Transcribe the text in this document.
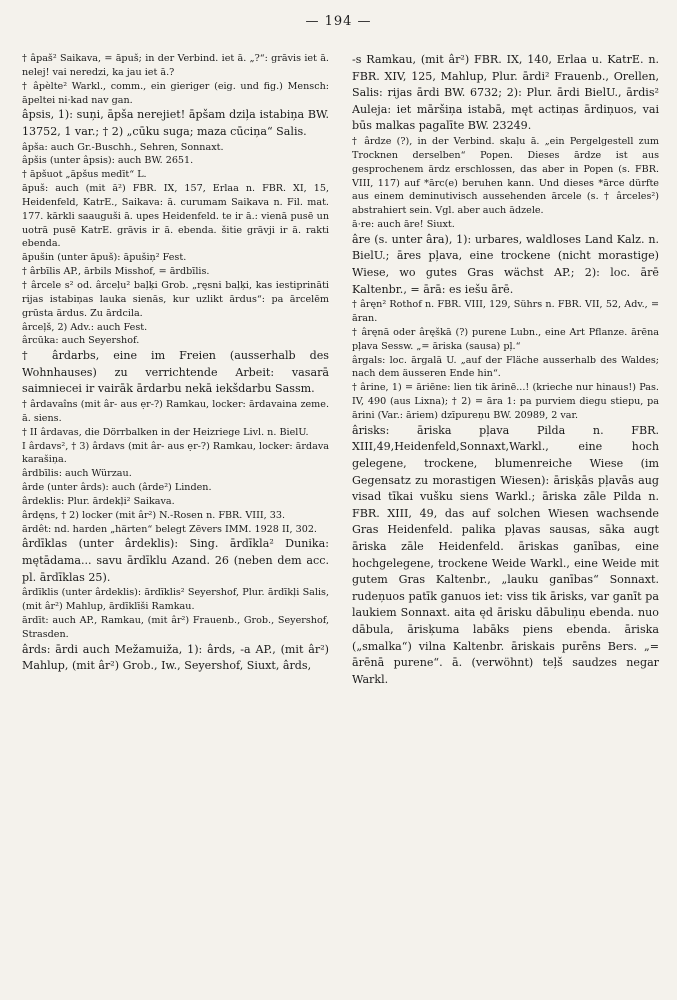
— 194 —

† âpaš² Saikava, = āpuš; in der Verbind. iet ā. „?“: grāvis iet ā. nelej! vai neredzi, ka jau iet ā.?

† âpèlte² Warkl., comm., ein gieriger (eig. und fig.) Mensch: āpeltei ni·kad nav gan.

âpsis, 1): suņi, āpša nerejiet! āpšam dziļa istabiņa BW. 13752, 1 var.; † 2) „cūku suga; maza cūciņa“ Salis.

âpša: auch Gr.-Buschh., Sehren, Sonnaxt.

âpšis (unter âpsis): auch BW. 2651.

† āpšuot „āpšus medīt“ L.

āpuš: auch (mit ā²) FBR. IX, 157, Erlaa n. FBR. XI, 15, Heidenfeld, KatrE., Saikava: ā. curumam Saikava n. Fil. mat. 177. kārkli saauguši ā. upes Heidenfeld. te ir ā.: vienā pusē un uotrā pusē KatrE. grāvis ir ā. ebenda. šitie grāvji ir ā. rakti ebenda.

āpušin (unter āpuš): āpušiņ² Fest.

† ârbīlis AP., ārbils Misshof, = ārdbīlis.

† ârcele s² od. ârceļu² baļķi Grob. „ręsni baļķi, kas iestiprināti rijas istabiņas lauka sienās, kur uzlikt ārdus“: pa ārcelēm grūsta ārdus. Zu ārdcila.

ârceļš, 2) Adv.: auch Fest.

ârcūka: auch Seyershof.

† ârdarbs, eine im Freien (ausserhalb des Wohnhauses) zu verrichtende Arbeit: vasarā saimniecei ir vairāk ārdarbu nekā iekšdarbu Sassm.

† ârdavaîns (mit âr- aus ẹr-?) Ramkau, locker: ārdavaina zeme. ā. siens.

† II ârdavas, die Dörrbalken in der Heizriege Livl. n. BielU.

I ârdavs², † 3) ârdavs (mit âr- aus ẹr-?) Ramkau, locker: ārdava karašiņa.

ârdbīlis: auch Würzau.

ârde (unter ârds): auch (ârde²) Linden.

ârdeklis: Plur. ārdekļi² Saikava.

ârdęns, † 2) locker (mit âr²) N.-Rosen n. FBR. VIII, 33.

ārdêt: nd. harden „härten“ belegt Zēvers IMM. 1928 II, 302.

ârdīklas (unter ârdeklis): Sing. ārdīkla² Dunika: mętādama... savu ārdīklu Azand. 26 (neben dem acc. pl. ārdīklas 25).

ârdīklis (unter ârdeklis): ārdīklis² Seyershof, Plur. ārdīkļi Salis, (mit âr²) Mahlup, ārdīklīši Ramkau.

ārdīt: auch AP., Ramkau, (mit âr²) Frauenb., Grob., Seyershof, Strasden.

ârds: ārdi auch Mežamuiža, 1): ârds, -a AP., (mit âr²) Mahlup, (mit âr²) Grob., Iw., Seyershof, Siuxt, ârds,

-s Ramkau, (mit âr²) FBR. IX, 140, Erlaa u. KatrE. n. FBR. XIV, 125, Mahlup, Plur. ārdi² Frauenb., Orellen, Salis: rijas ārdi BW. 6732; 2): Plur. ārdi BielU., ārdis² Auleja: iet māršiņa istabā, męt actiņas ārdiņuos, vai būs malkas pagalīte BW. 23249.

† ârdze (?), in der Verbind. skaļu ā. „ein Pergelgestell zum Trocknen derselben“ Popen. Dieses ārdze ist aus gesprochenem ārdz erschlossen, das aber in Popen (s. FBR. VIII, 117) auf *ārc(e) beruhen kann. Und dieses *ārce dürfte aus einem deminutivisch aussehenden ārcele (s. † ârceles²) abstrahiert sein. Vgl. aber auch ādzele.

ā·re: auch āre! Siuxt.

âre (s. unter âra), 1): urbares, waldloses Land Kalz. n. BielU.; āres pļava, eine trockene (nicht morastige) Wiese, wo gutes Gras wächst AP.; 2): loc. ārē Kaltenbr., = ārā: es iešu ārē.

† âręn² Rothof n. FBR. VIII, 129, Sührs n. FBR. VII, 52, Adv., = āran.

† âręnā oder âręškā (?) purene Lubn., eine Art Pflanze. ārēna pļava Sessw. „= āriska (sausa) pļ.“

ârgals: loc. ārgalā U. „auf der Fläche ausserhalb des Waldes; nach dem äusseren Ende hin“.

† ârine, 1) = āriēne: lien tik ārinē...! (krieche nur hinaus!) Pas. IV, 490 (aus Lixna); † 2) = āra 1: pa purviem diegu stiepu, pa ārini (Var.: āriem) dzīpureņu BW. 20989, 2 var.

ârisks: āriska pļava Pilda n. FBR. XIII,49,Heidenfeld,Sonnaxt,Warkl., eine hoch gelegene, trockene, blumenreiche Wiese (im Gegensatz zu morastigen Wiesen): ārisķās pļavās aug visad tīkai vušku siens Warkl.; āriska zāle Pilda n. FBR. XIII, 49, das auf solchen Wiesen wachsende Gras Heidenfeld. palika pļavas sausas, sāka augt āriska zāle Heidenfeld. āriskas ganības, eine hochgelegene, trockene Weide Warkl., eine Weide mit gutem Gras Kaltenbr., „lauku ganības“ Sonnaxt. rudeņuos patīk ganuos iet: viss tik ārisks, var ganīt pa laukiem Sonnaxt. aita ęd ārisku dābuliņu ebenda. nuo dābula, ārisķuma labāks piens ebenda. āriska („smalka“) vilna Kaltenbr. āriskais purēns Bers. „= ārēnā purene“. ā. (verwöhnt) teļš saudzes negar Warkl.
